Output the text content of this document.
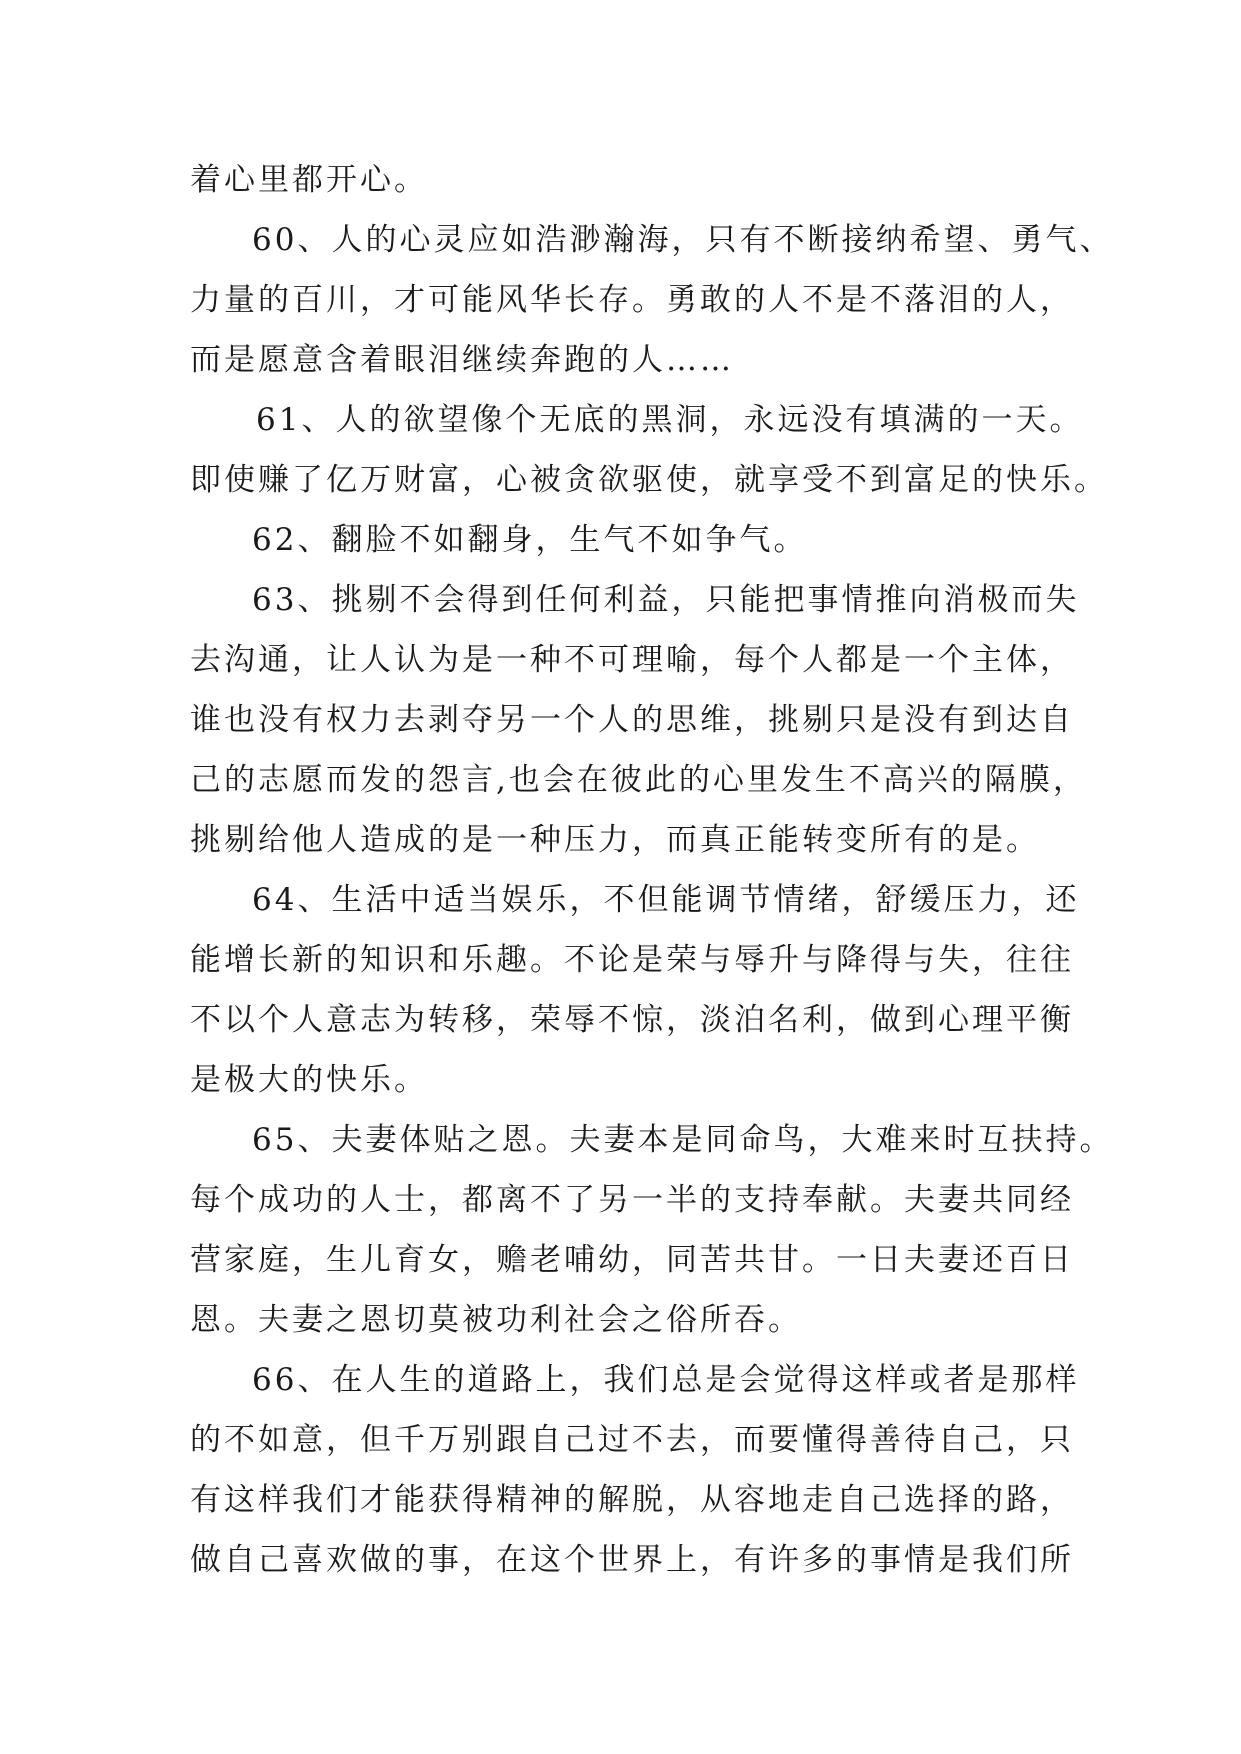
着心里都开心。
60、人的心灵应如浩渺瀚海，只有不断接纳希望、勇气、
力量的百川，才可能风华长存。勇敢的人不是不落泪的人，
而是愿意含着眼泪继续奔跑的人……
61、人的欲望像个无底的黑洞，永远没有填满的一天。
即使赚了亿万财富，心被贪欲驱使，就享受不到富足的快乐。
62、翻脸不如翻身，生气不如争气。
63、挑剔不会得到任何利益，只能把事情推向消极而失
去沟通，让人认为是一种不可理喻，每个人都是一个主体，
谁也没有权力去剥夺另一个人的思维，挑剔只是没有到达自
己的志愿而发的怨言,也会在彼此的心里发生不高兴的隔膜，
挑剔给他人造成的是一种压力，而真正能转变所有的是。
64、生活中适当娱乐，不但能调节情绪，舒缓压力，还
能增长新的知识和乐趣。不论是荣与辱升与降得与失，往往
不以个人意志为转移，荣辱不惊，淡泊名利，做到心理平衡
是极大的快乐。
65、夫妻体贴之恩。夫妻本是同命鸟，大难来时互扶持。
每个成功的人士，都离不了另一半的支持奉献。夫妻共同经
营家庭，生儿育女，赡老哺幼，同苦共甘。一日夫妻还百日
恩。夫妻之恩切莫被功利社会之俗所吞。
66、在人生的道路上，我们总是会觉得这样或者是那样
的不如意，但千万别跟自己过不去，而要懂得善待自己，只
有这样我们才能获得精神的解脱，从容地走自己选择的路，
做自己喜欢做的事，在这个世界上，有许多的事情是我们所
